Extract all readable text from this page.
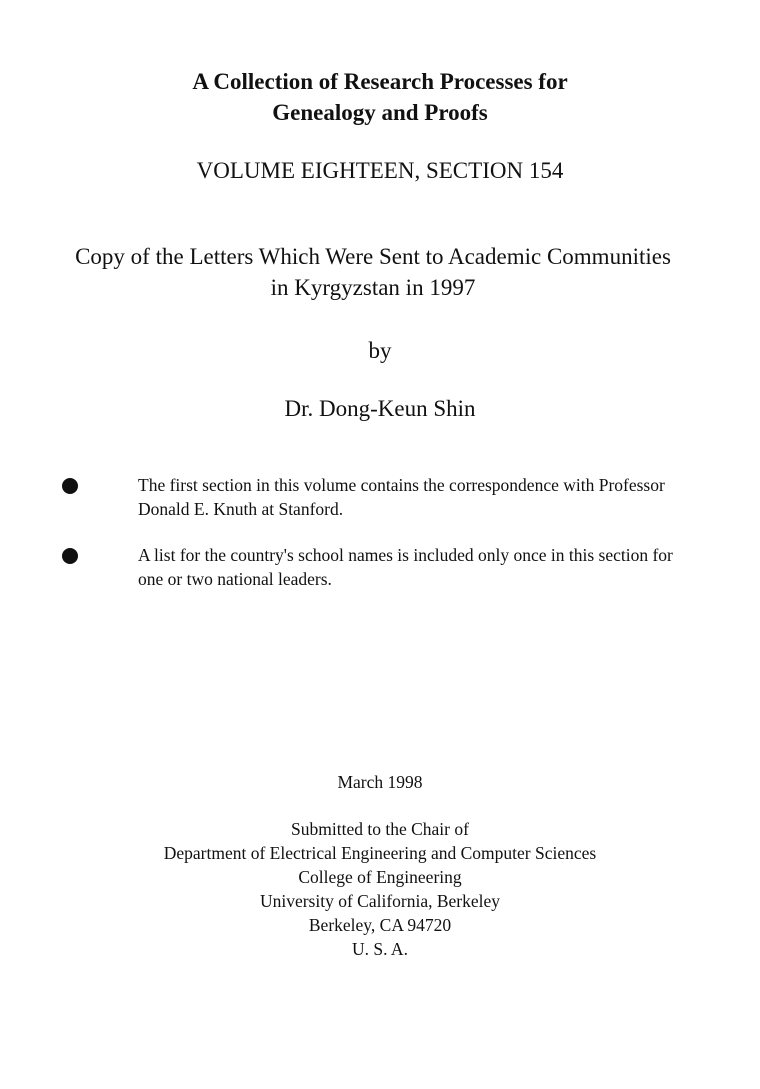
A Collection of Research Processes for
Genealogy and Proofs
VOLUME EIGHTEEN, SECTION 154
Copy of the Letters Which Were Sent to Academic Communities
in Kyrgyzstan in 1997
by
Dr. Dong-Keun Shin
The first section in this volume contains the correspondence with Professor
Donald E. Knuth at Stanford.
A list for the country's school names is included only once in this section for
one or two national leaders.
March 1998
Submitted to the Chair of
Department of Electrical Engineering and Computer Sciences
College of Engineering
University of California, Berkeley
Berkeley, CA 94720
U. S. A.
